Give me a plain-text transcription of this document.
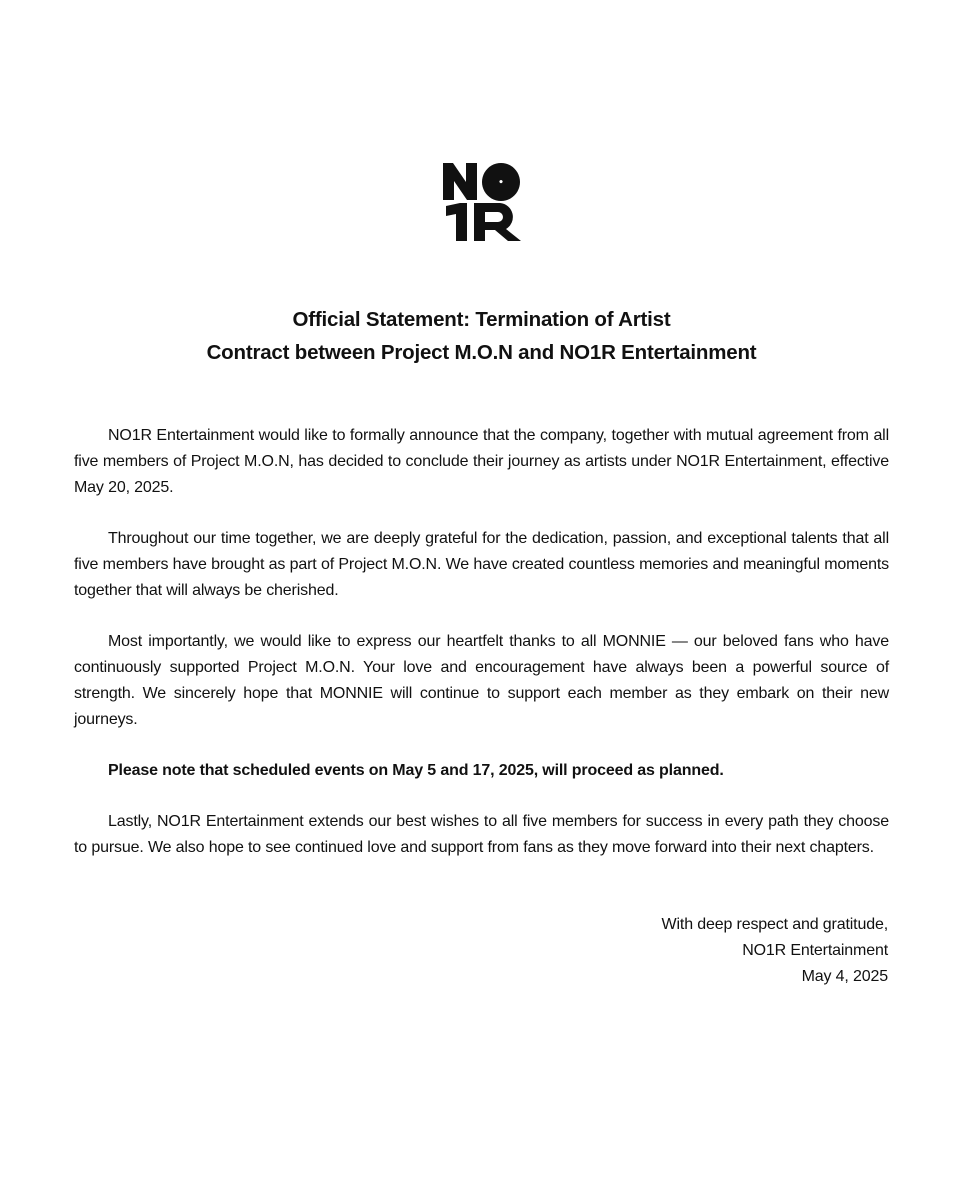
Official Statement: Termination of Artist
Contract between Project M.O.N and NO1R Entertainment

NO1R Entertainment would like to formally announce that the company, together with mutual agreement from all five members of Project M.O.N, has decided to conclude their journey as artists under NO1R Entertainment, effective May 20, 2025.

Throughout our time together, we are deeply grateful for the dedication, passion, and exceptional talents that all five members have brought as part of Project M.O.N. We have created countless memories and meaningful moments together that will always be cherished.

Most importantly, we would like to express our heartfelt thanks to all MONNIE — our beloved fans who have continuously supported Project M.O.N. Your love and encouragement have always been a powerful source of strength. We sincerely hope that MONNIE will continue to support each member as they embark on their new journeys.

Please note that scheduled events on May 5 and 17, 2025, will proceed as planned.

Lastly, NO1R Entertainment extends our best wishes to all five members for success in every path they choose to pursue. We also hope to see continued love and support from fans as they move forward into their next chapters.

With deep respect and gratitude,
NO1R Entertainment
May 4, 2025
